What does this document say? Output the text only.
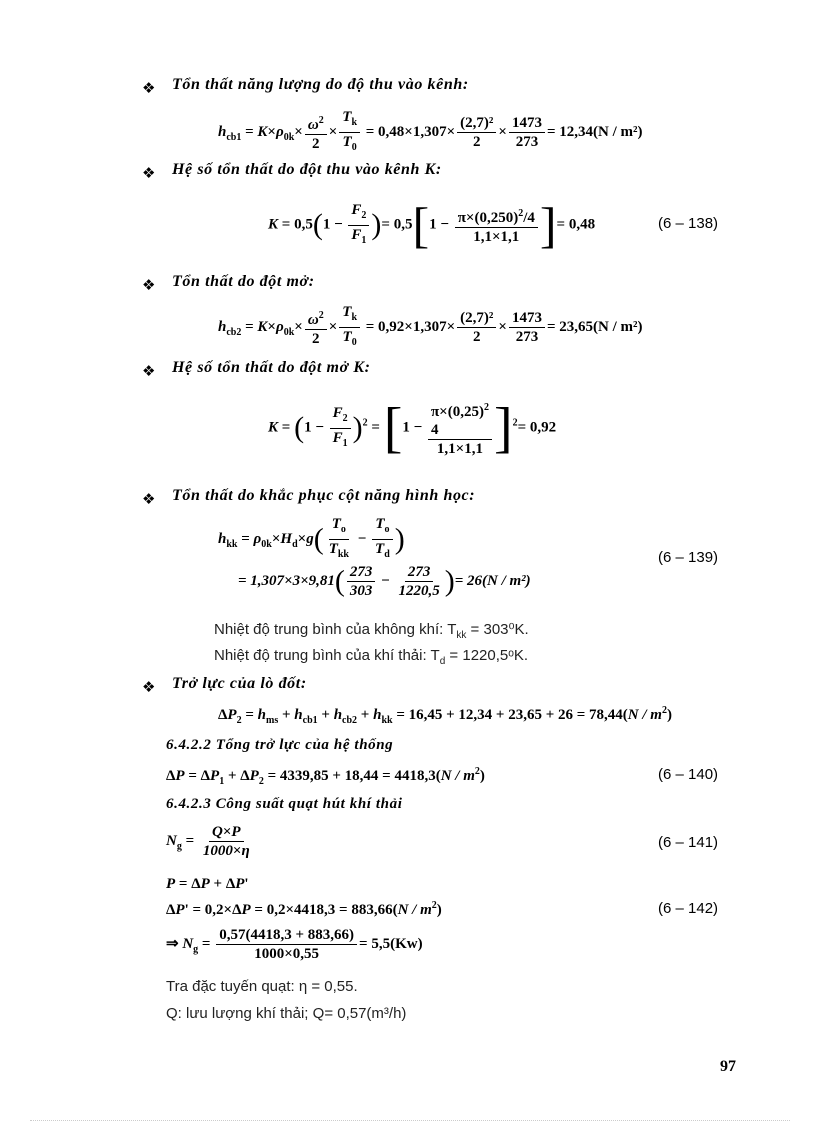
❖ Tổn thất năng lượng do độ thu vào kênh:
$h_{cb1} = K\times\rho_{0k}\times \frac{\omega^2}{2} \times \frac{T_k}{T_0} = 0,48\times 1,307\times \frac{\text{(2,7)²}}{2} \times \frac{1473}{273} = 12,34(N / m^2)$
❖ Hệ số tổn thất do đột thu vào kênh K:
$K = 0,5(1 - \frac{F_2}{F_1}$ )= $0,5[1 - \frac{\pi\times(0,250)^2/4}{1,1\times 1,1}$ ]= 0,48	(6 – 138)
❖ Tổn thất do đột mở:
$h_{cb2} = K\times\rho_{0k}\times \frac{\omega^2}{2} \times \frac{T_k}{T_0} = 0,92\times 1,307\times \frac{\text{(2,7)²}}{2} \times \frac{1473}{273} = 23,65(N / m^2)$
❖ Hệ số tổn thất do đột mở K:
$K = (1 - \frac{F_2}{F_1} )^2 = [1$ −
$\pi\times(0,25)^2$
4
1,1×1,1 ]$^2$= 0,92
❖ Tổn thất do khắc phục cột năng hình học:
$h_{kk} = \rho_{0k}\times H_d\times g( \frac{T_o}{T_{kk}} - \frac{T_o}{T_d}$ )
= $1,307\times 3\times 9,81( \frac{273}{303} - \frac{273}{1220,5}$ )= 26(N / m²)
(6 – 139)
Nhiệt độ trung bình của không khí: $T_{kk} = 303^0K$.
Nhiệt độ trung bình của khí thải: $T_d$ = 1220,5ᵒK.
❖ Trở lực của lò đốt:
$\Delta P_2 = h_{ms} + h_{cb1} + h_{cb2} + h_{kk} = 16,45 + 12,34 + 23,65 + 26 = 78,44(N / m^2)$
6.4.2.2 Tổng trở lực của hệ thống
$\Delta P = \Delta P_1 + \Delta P_2 = 4339,85 + 18,44 = 4418,3(N / m^2)$	(6 – 140)
6.4.2.3 Công suất quạt hút khí thải
$N_g = \frac{Q\times P}{1000\times\eta}$	(6 – 141)
P = ΔP + ΔP'
$\Delta P' = 0,2\times\Delta P = 0,2\times 4418,3 = 883,66(N / m^2)$	(6 – 142)
⇒ $N_g = \frac{0,57(4418,3 + 883,66)}{1000\times 0,55} = 5,5(Kw)$
Tra đặc tuyến quạt: η = 0,55.
Q: lưu lượng khí thải; Q= 0,57(m³/h)
97
